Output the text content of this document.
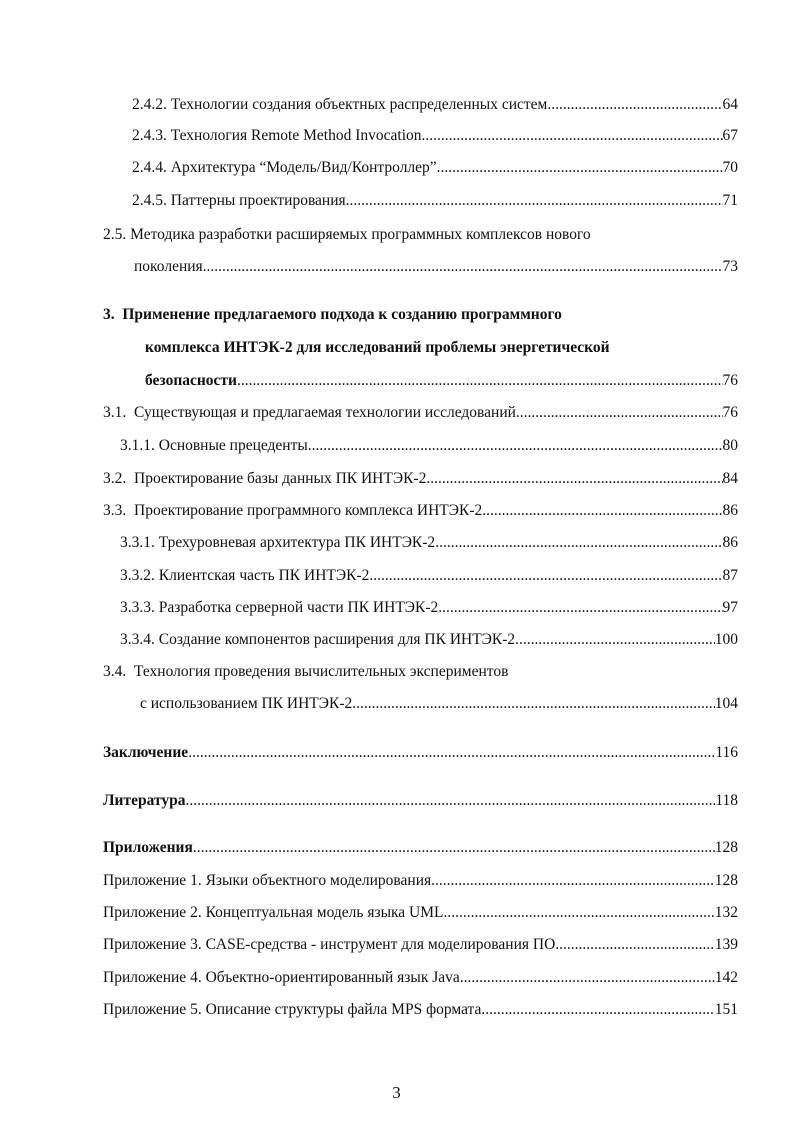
2.4.2. Технологии создания объектных распределенных систем .....	64
2.4.3. Технология Remote Method Invocation .....	67
2.4.4. Архитектура “Модель/Вид/Контроллер” .....	70
2.4.5. Паттерны проектирования .....	71
2.5. Методика разработки расширяемых программных комплексов нового
поколения .....	73
3. Применение предлагаемого подхода к созданию программного
комплекса ИНТЭК-2 для исследований проблемы энергетической
безопасности .....	76
3.1. Существующая и предлагаемая технологии исследований .....	76
3.1.1. Основные прецеденты .....	80
3.2. Проектирование базы данных ПК ИНТЭК-2 .....	84
3.3. Проектирование программного комплекса ИНТЭК-2 .....	86
3.3.1. Трехуровневая архитектура ПК ИНТЭК-2 .....	86
3.3.2. Клиентская часть ПК ИНТЭК-2 .....	87
3.3.3. Разработка серверной части ПК ИНТЭК-2 .....	97
3.3.4. Создание компонентов расширения для ПК ИНТЭК-2 .....	100
3.4. Технология проведения вычислительных экспериментов
с использованием ПК ИНТЭК-2 .....	104
Заключение .....	116
Литература .....	118
Приложения .....	128
Приложение 1. Языки объектного моделирования .....	128
Приложение 2. Концептуальная модель языка UML .....	132
Приложение 3. CASE-средства - инструмент для моделирования ПО .....	139
Приложение 4. Объектно-ориентированный язык Java .....	142
Приложение 5. Описание структуры файла MPS формата .....	151
3
